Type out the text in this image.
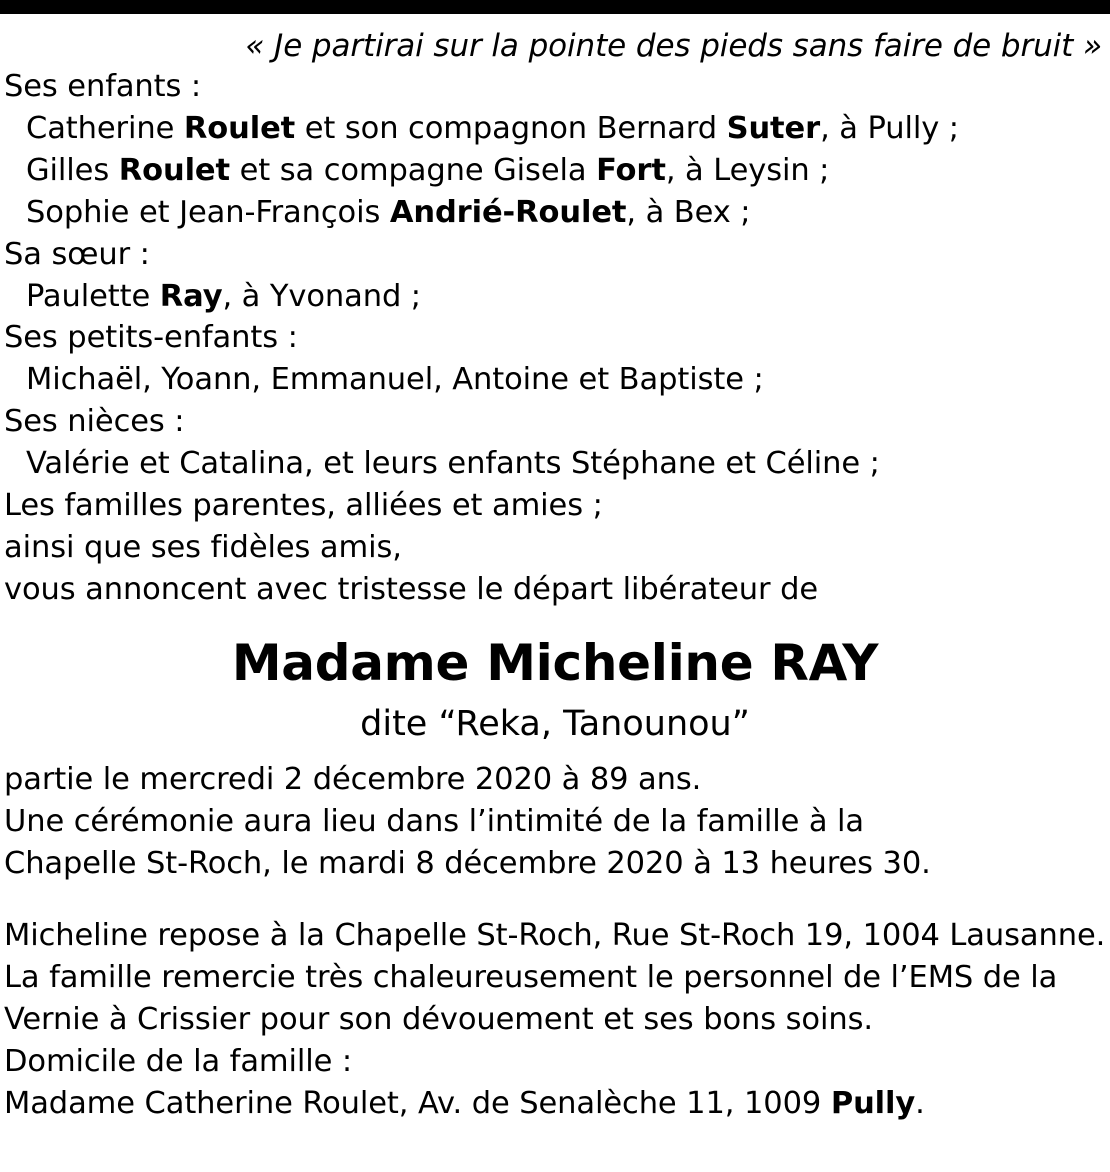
« Je partirai sur la pointe des pieds sans faire de bruit »
Ses enfants :
Catherine Roulet et son compagnon Bernard Suter, à Pully ;
Gilles Roulet et sa compagne Gisela Fort, à Leysin ;
Sophie et Jean-François Andrié-Roulet, à Bex ;
Sa sœur :
Paulette Ray, à Yvonand ;
Ses petits-enfants :
Michaël, Yoann, Emmanuel, Antoine et Baptiste ;
Ses nièces :
Valérie et Catalina, et leurs enfants Stéphane et Céline ;
Les familles parentes, alliées et amies ;
ainsi que ses fidèles amis,
vous annoncent avec tristesse le départ libérateur de
Madame Micheline RAY
dite “Reka, Tanounou”
partie le mercredi 2 décembre 2020 à 89 ans.
Une cérémonie aura lieu dans l’intimité de la famille à la
Chapelle St-Roch, le mardi 8 décembre 2020 à 13 heures 30.
Micheline repose à la Chapelle St-Roch, Rue St-Roch 19, 1004 Lausanne.
La famille remercie très chaleureusement le personnel de l’EMS de la
Vernie à Crissier pour son dévouement et ses bons soins.
Domicile de la famille :
Madame Catherine Roulet, Av. de Senalèche 11, 1009 Pully.
